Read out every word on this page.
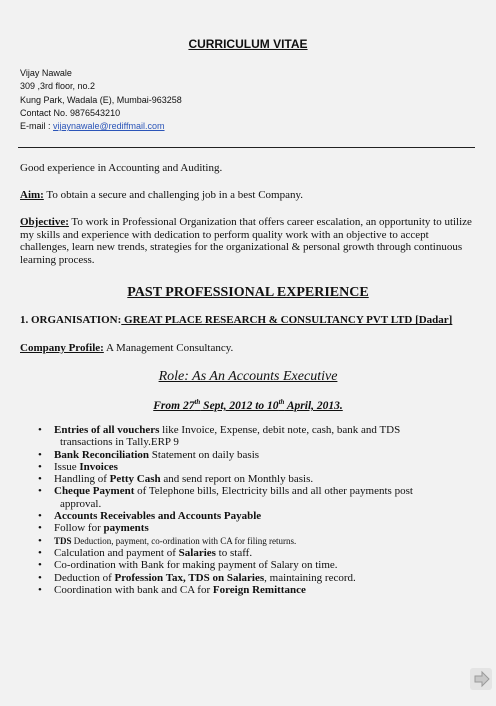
CURRICULUM VITAE
Vijay Nawale
309 ,3rd floor, no.2
Kung Park, Wadala (E), Mumbai-963258
Contact No. 9876543210
E-mail : vijaynawale@rediffmail.com
Good experience in Accounting and Auditing.
Aim: To obtain a secure and challenging job in a best Company.
Objective: To work in Professional Organization that offers career escalation, an opportunity to utilize my skills and experience with dedication to perform quality work with an objective to accept challenges, learn new trends, strategies for the organizational & personal growth through continuous learning process.
PAST PROFESSIONAL EXPERIENCE
1. ORGANISATION: GREAT PLACE RESEARCH & CONSULTANCY PVT LTD [Dadar]
Company Profile: A Management Consultancy.
Role: As An Accounts Executive
From 27th Sept, 2012 to 10th April, 2013.
• Entries of all vouchers like Invoice, Expense, debit note, cash, bank and TDS
transactions in Tally.ERP 9
• Bank Reconciliation Statement on daily basis
• Issue Invoices
• Handling of Petty Cash and send report on Monthly basis.
• Cheque Payment of Telephone bills, Electricity bills and all other payments post
approval.
• Accounts Receivables and Accounts Payable
• Follow for payments
• TDS Deduction, payment, co-ordination with CA for filing returns.
• Calculation and payment of Salaries to staff.
• Co-ordination with Bank for making payment of Salary on time.
• Deduction of Profession Tax, TDS on Salaries, maintaining record.
• Coordination with bank and CA for Foreign Remittance
